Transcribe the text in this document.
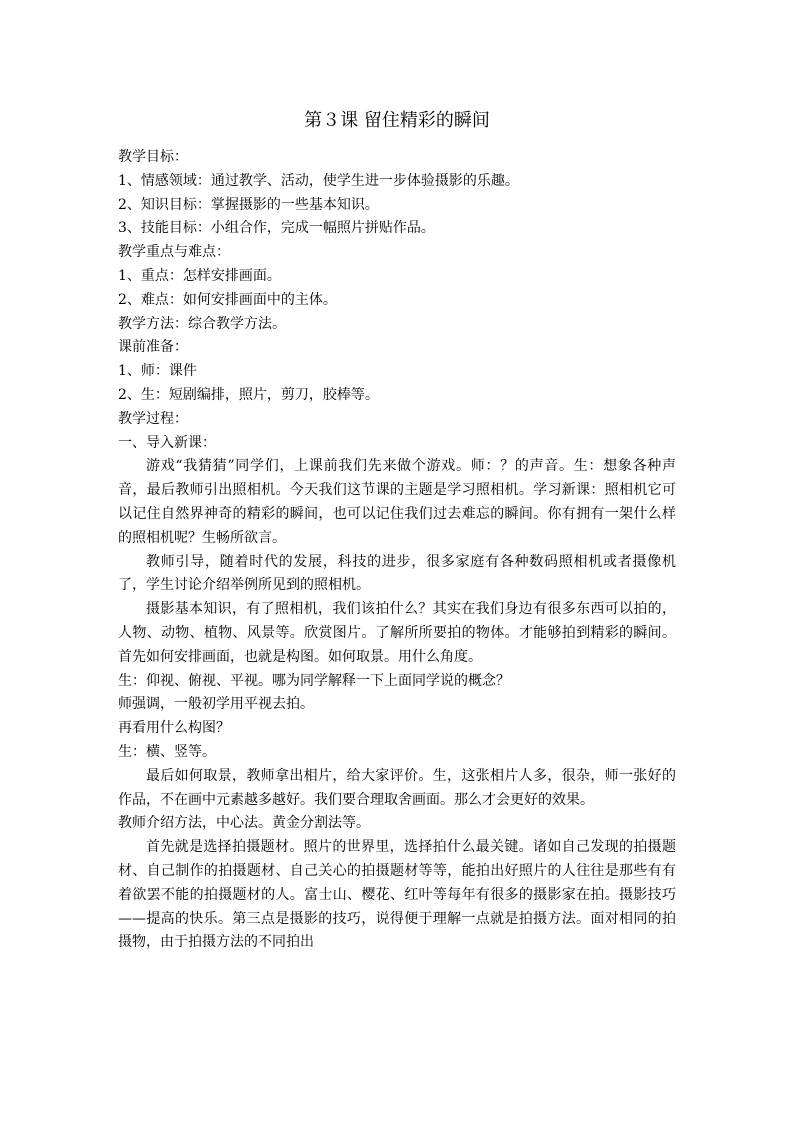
第３课 留住精彩的瞬间

教学目标：

1、情感领域：通过教学、活动，使学生进一步体验摄影的乐趣。

2、知识目标：掌握摄影的一些基本知识。

3、技能目标：小组合作，完成一幅照片拼贴作品。

教学重点与难点：

1、重点：怎样安排画面。

2、难点：如何安排画面中的主体。

教学方法：综合教学方法。

课前准备：

1、师：课件

2、生：短剧编排，照片，剪刀，胶棒等。

教学过程：

一、导入新课：

游戏“我猜猜”同学们，上课前我们先来做个游戏。师：？的声音。生：想象各种声音，最后教师引出照相机。今天我们这节课的主题是学习照相机。学习新课：照相机它可以记住自然界神奇的精彩的瞬间，也可以记住我们过去难忘的瞬间。你有拥有一架什么样的照相机呢？生畅所欲言。

教师引导，随着时代的发展，科技的进步，很多家庭有各种数码照相机或者摄像机了，学生讨论介绍举例所见到的照相机。

摄影基本知识，有了照相机，我们该拍什么？其实在我们身边有很多东西可以拍的，人物、动物、植物、风景等。欣赏图片。了解所所要拍的物体。才能够拍到精彩的瞬间。首先如何安排画面，也就是构图。如何取景。用什么角度。

生：仰视、俯视、平视。哪为同学解释一下上面同学说的概念？

师强调，一般初学用平视去拍。

再看用什么构图？

生：横、竖等。

最后如何取景，教师拿出相片，给大家评价。生，这张相片人多，很杂，师一张好的作品，不在画中元素越多越好。我们要合理取舍画面。那么才会更好的效果。

教师介绍方法，中心法。黄金分割法等。

首先就是选择拍摄题材。照片的世界里，选择拍什么最关键。诸如自己发现的拍摄题材、自己制作的拍摄题材、自己关心的拍摄题材等等，能拍出好照片的人往往是那些有有着欲罢不能的拍摄题材的人。富士山、樱花、红叶等每年有很多的摄影家在拍。摄影技巧——提高的快乐。第三点是摄影的技巧，说得便于理解一点就是拍摄方法。面对相同的拍摄物，由于拍摄方法的不同拍出
